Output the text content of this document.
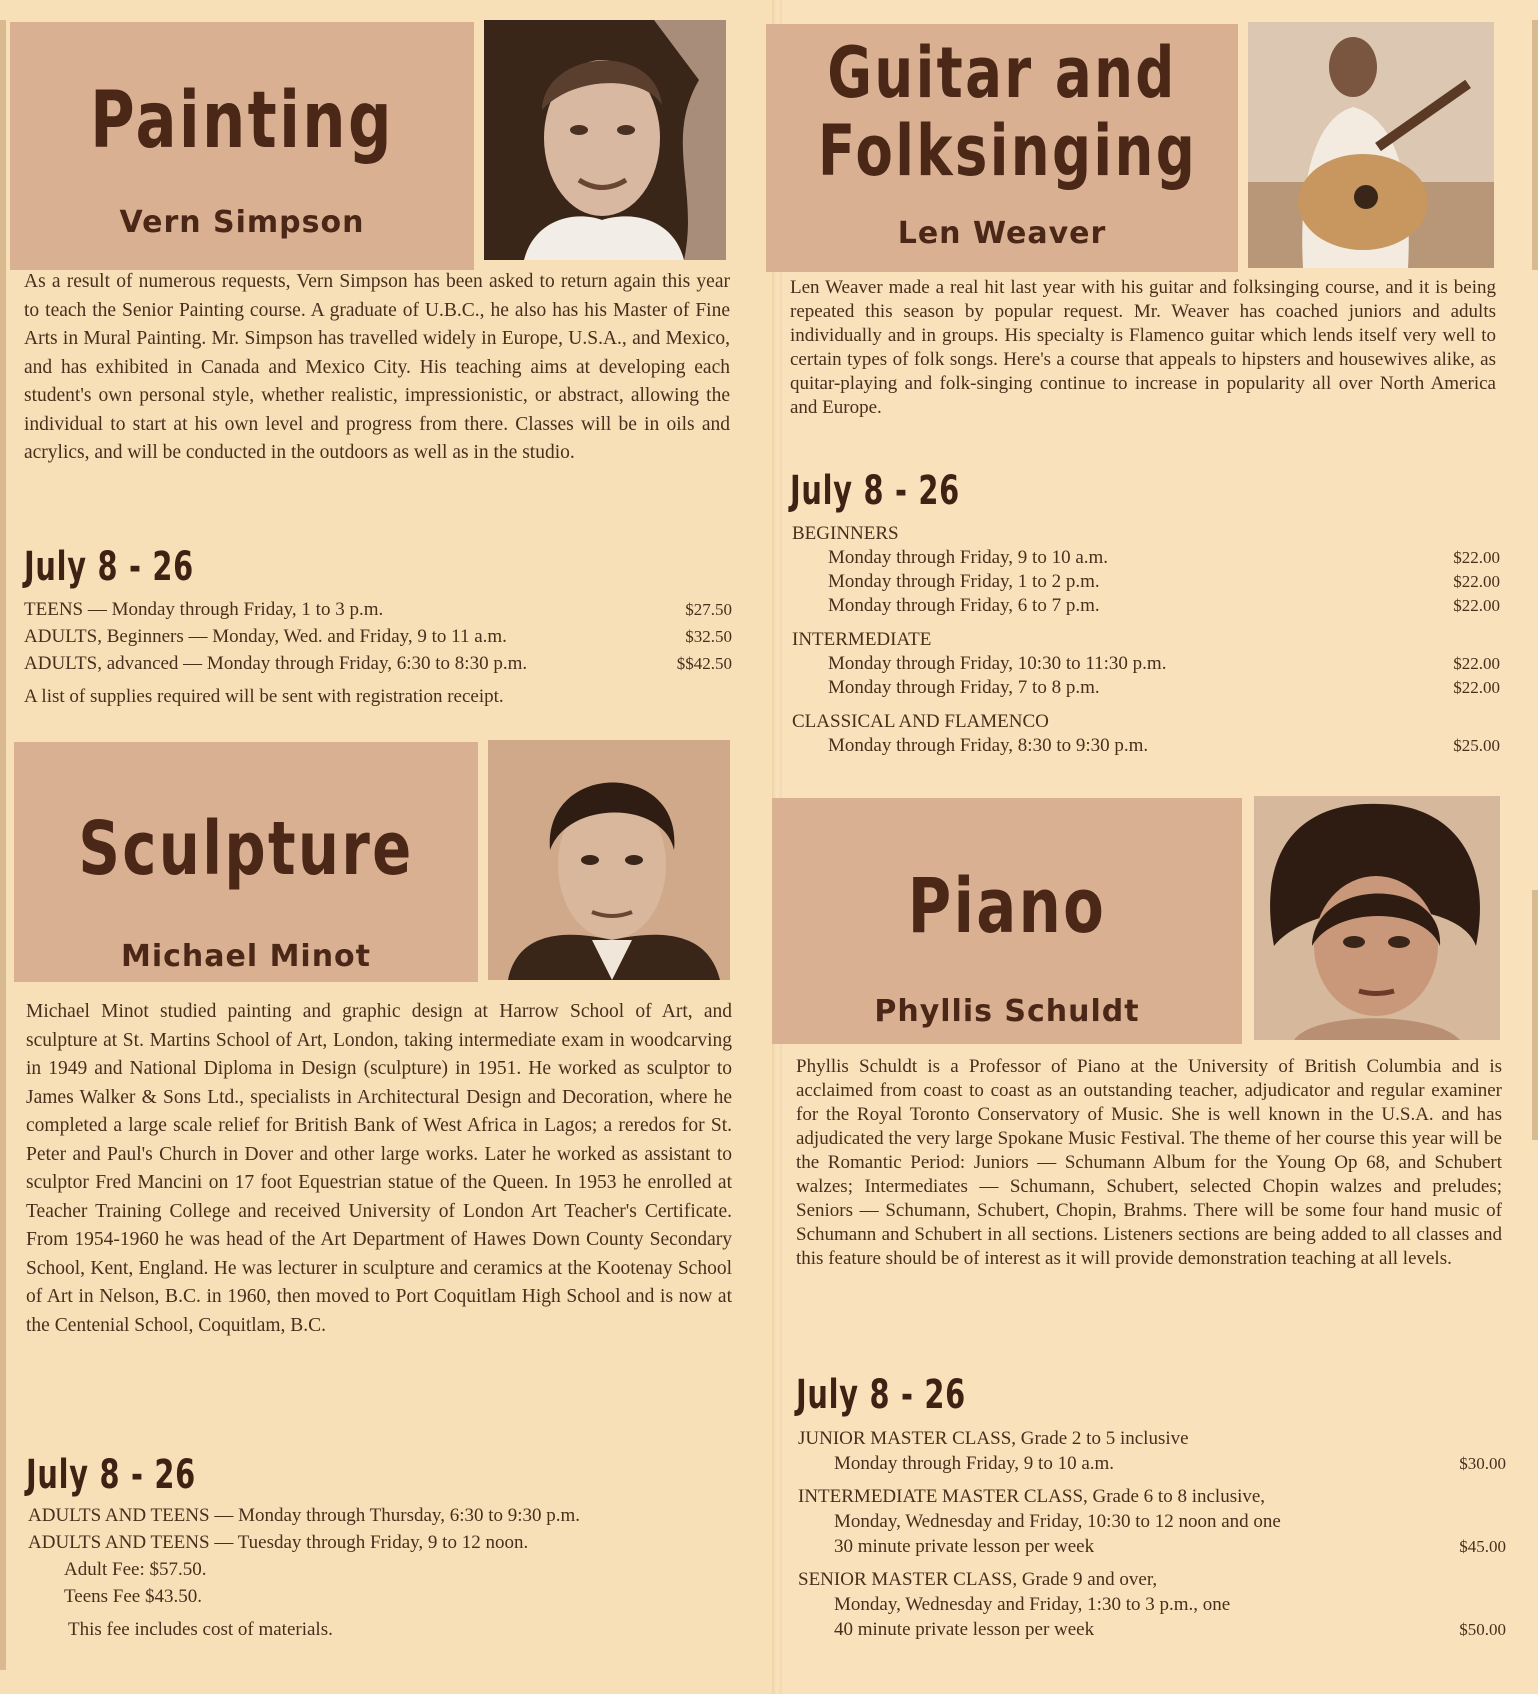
Painting
Vern Simpson
As a result of numerous requests, Vern Simpson has been asked to return again this year to teach the Senior Painting course. A graduate of U.B.C., he also has his Master of Fine Arts in Mural Painting. Mr. Simpson has travelled widely in Europe, U.S.A., and Mexico, and has exhibited in Canada and Mexico City. His teaching aims at developing each student's own personal style, whether realistic, impressionistic, or abstract, allowing the individual to start at his own level and progress from there. Classes will be in oils and acrylics, and will be conducted in the outdoors as well as in the studio.
July 8 - 26
TEENS — Monday through Friday, 1 to 3 p.m.	$27.50
ADULTS, Beginners — Monday, Wed. and Friday, 9 to 11 a.m.	$32.50
ADULTS, advanced — Monday through Friday, 6:30 to 8:30 p.m.	$$42.50
A list of supplies required will be sent with registration receipt.
Sculpture
Michael Minot
Michael Minot studied painting and graphic design at Harrow School of Art, and sculpture at St. Martins School of Art, London, taking intermediate exam in woodcarving in 1949 and National Diploma in Design (sculpture) in 1951. He worked as sculptor to James Walker & Sons Ltd., specialists in Architectural Design and Decoration, where he completed a large scale relief for British Bank of West Africa in Lagos; a reredos for St. Peter and Paul's Church in Dover and other large works. Later he worked as assistant to sculptor Fred Mancini on 17 foot Equestrian statue of the Queen. In 1953 he enrolled at Teacher Training College and received University of London Art Teacher's Certificate. From 1954-1960 he was head of the Art Department of Hawes Down County Secondary School, Kent, England. He was lecturer in sculpture and ceramics at the Kootenay School of Art in Nelson, B.C. in 1960, then moved to Port Coquitlam High School and is now at the Centenial School, Coquitlam, B.C.
July 8 - 26
ADULTS AND TEENS — Monday through Thursday, 6:30 to 9:30 p.m.
ADULTS AND TEENS — Tuesday through Friday, 9 to 12 noon.
Adult Fee: $57.50.
Teens Fee $43.50.
This fee includes cost of materials.
Guitar and
Folksinging
Len Weaver
Len Weaver made a real hit last year with his guitar and folksinging course, and it is being repeated this season by popular request. Mr. Weaver has coached juniors and adults individually and in groups. His specialty is Flamenco guitar which lends itself very well to certain types of folk songs. Here's a course that appeals to hipsters and housewives alike, as quitar-playing and folk-singing continue to increase in popularity all over North America and Europe.
July 8 - 26
BEGINNERS
Monday through Friday, 9 to 10 a.m.	$22.00
Monday through Friday, 1 to 2 p.m.	$22.00
Monday through Friday, 6 to 7 p.m.	$22.00
INTERMEDIATE
Monday through Friday, 10:30 to 11:30 p.m.	$22.00
Monday through Friday, 7 to 8 p.m.	$22.00
CLASSICAL AND FLAMENCO
Monday through Friday, 8:30 to 9:30 p.m.	$25.00
Piano
Phyllis Schuldt
Phyllis Schuldt is a Professor of Piano at the University of British Columbia and is acclaimed from coast to coast as an outstanding teacher, adjudicator and regular examiner for the Royal Toronto Conservatory of Music. She is well known in the U.S.A. and has adjudicated the very large Spokane Music Festival. The theme of her course this year will be the Romantic Period: Juniors — Schumann Album for the Young Op 68, and Schubert walzes; Intermediates — Schumann, Schubert, selected Chopin walzes and preludes; Seniors — Schumann, Schubert, Chopin, Brahms. There will be some four hand music of Schumann and Schubert in all sections. Listeners sections are being added to all classes and this feature should be of interest as it will provide demonstration teaching at all levels.
July 8 - 26
JUNIOR MASTER CLASS, Grade 2 to 5 inclusive
Monday through Friday, 9 to 10 a.m.	$30.00
INTERMEDIATE MASTER CLASS, Grade 6 to 8 inclusive,
Monday, Wednesday and Friday, 10:30 to 12 noon and one
30 minute private lesson per week	$45.00
SENIOR MASTER CLASS, Grade 9 and over,
Monday, Wednesday and Friday, 1:30 to 3 p.m., one
40 minute private lesson per week	$50.00
